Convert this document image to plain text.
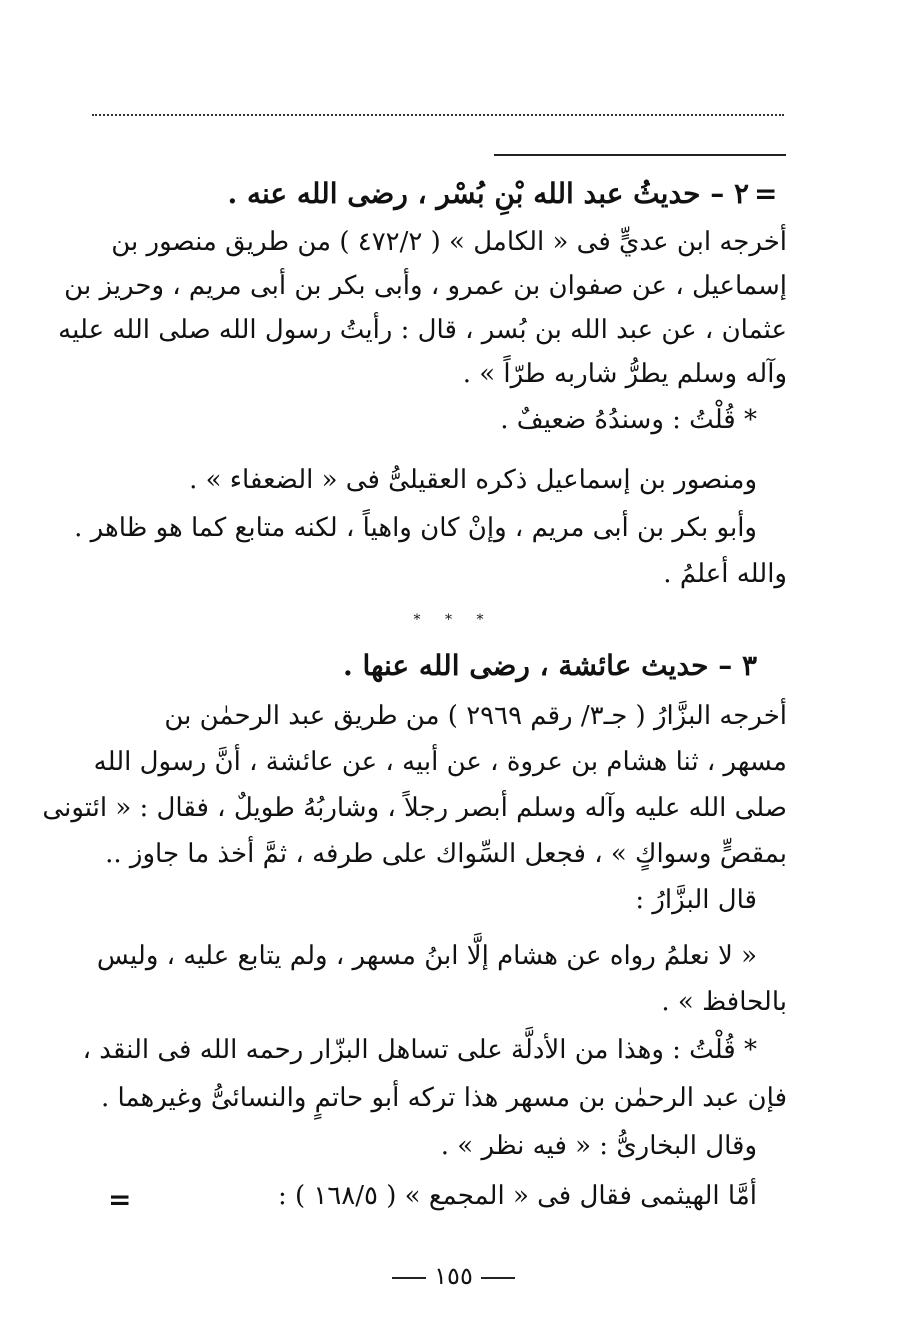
=
٢ – حديثُ عبد الله بْنِ بُسْر ، رضى الله عنه .
أخرجه ابن عديٍّ فى « الكامل » ( ٤٧٢/٢ ) من طريق منصور بن
إسماعيل ، عن صفوان بن عمرو ، وأبى بكر بن أبى مريم ، وحريز بن
عثمان ، عن عبد الله بن بُسر ، قال : رأيتُ رسول الله صلى الله عليه
وآله وسلم يطرُّ شاربه طرّاً » .
* قُلْتُ : وسندُهُ ضعيفٌ .
ومنصور بن إسماعيل ذكره العقيلىُّ فى « الضعفاء » .
وأبو بكر بن أبى مريم ، وإنْ كان واهياً ، لكنه متابع كما هو ظاهر .
والله أعلمُ .
* * *
٣ – حديث عائشة ، رضى الله عنها .
أخرجه البزَّارُ ( جـ٣/ رقم ٢٩٦٩ ) من طريق عبد الرحمٰن بن
مسهر ، ثنا هشام بن عروة ، عن أبيه ، عن عائشة ، أنَّ رسول الله
صلى الله عليه وآله وسلم أبصر رجلاً ، وشاربُهُ طويلٌ ، فقال : « ائتونى
بمقصٍّ وسواكٍ » ، فجعل السِّواك على طرفه ، ثمَّ أخذ ما جاوز ..
قال البزَّارُ :
« لا نعلمُ رواه عن هشام إلَّا ابنُ مسهر ، ولم يتابع عليه ، وليس
بالحافظ » .
* قُلْتُ : وهذا من الأدلَّة على تساهل البزّار رحمه الله فى النقد ،
فإن عبد الرحمٰن بن مسهر هذا تركه أبو حاتمٍ والنسائىُّ وغيرهما .
وقال البخارىُّ : « فيه نظر » .
أمَّا الهيثمى فقال فى « المجمع » ( ١٦٨/٥ ) :
=
١٥٥
